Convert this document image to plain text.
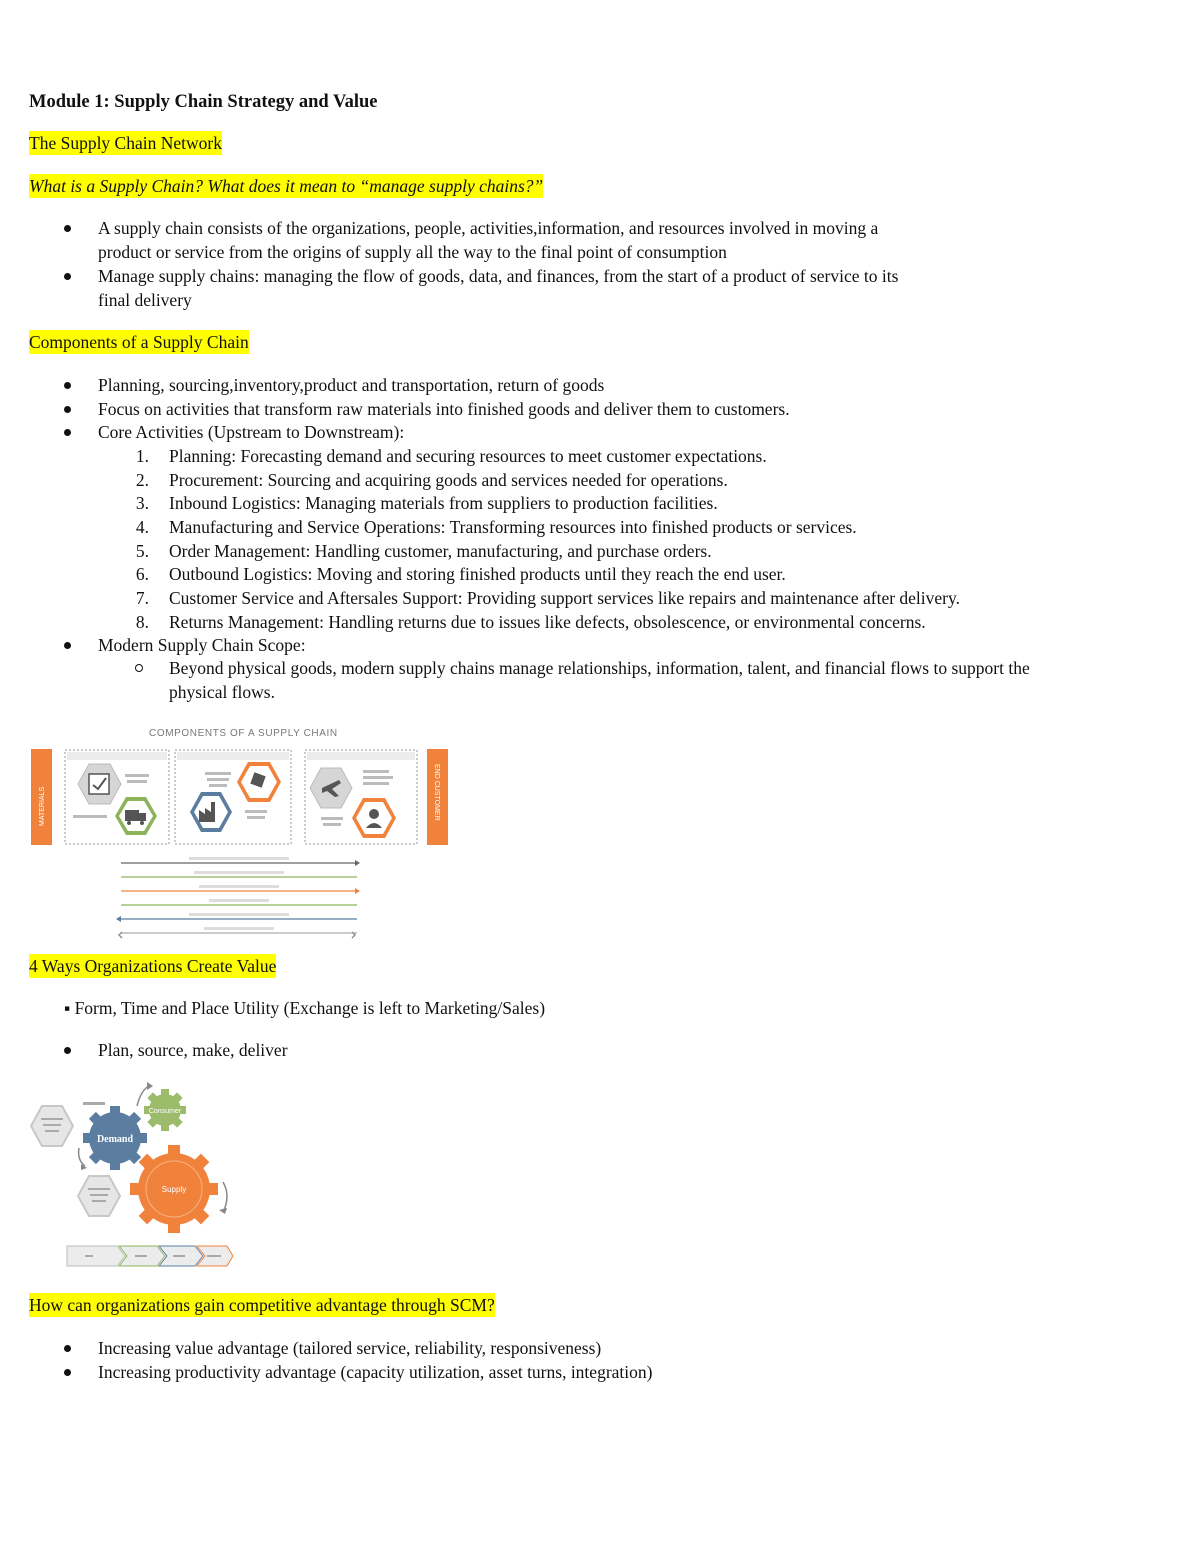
Module 1: Supply Chain Strategy and Value
The Supply Chain Network
What is a Supply Chain? What does it mean to “manage supply chains?”
A supply chain consists of the organizations, people, activities,information, and resources involved in moving a
product or service from the origins of supply all the way to the final point of consumption
Manage supply chains: managing the flow of goods, data, and finances, from the start of a product of service to its
final delivery
Components of a Supply Chain
Planning, sourcing,inventory,product and transportation, return of goods
Focus on activities that transform raw materials into finished goods and deliver them to customers.
Core Activities (Upstream to Downstream):
1. Planning: Forecasting demand and securing resources to meet customer expectations.
2. Procurement: Sourcing and acquiring goods and services needed for operations.
3. Inbound Logistics: Managing materials from suppliers to production facilities.
4. Manufacturing and Service Operations: Transforming resources into finished products or services.
5. Order Management: Handling customer, manufacturing, and purchase orders.
6. Outbound Logistics: Moving and storing finished products until they reach the end user.
7. Customer Service and Aftersales Support: Providing support services like repairs and maintenance after delivery.
8. Returns Management: Handling returns due to issues like defects, obsolescence, or environmental concerns.
Modern Supply Chain Scope:
Beyond physical goods, modern supply chains manage relationships, information, talent, and financial flows to support the
physical flows.
COMPONENTS OF A SUPPLY CHAIN
MATERIALS	END CUSTOMER
4 Ways Organizations Create Value
▪ Form, Time and Place Utility (Exchange is left to Marketing/Sales)
Plan, source, make, deliver
Demand
Consumer
Supply
How can organizations gain competitive advantage through SCM?
Increasing value advantage (tailored service, reliability, responsiveness)
Increasing productivity advantage (capacity utilization, asset turns, integration)
